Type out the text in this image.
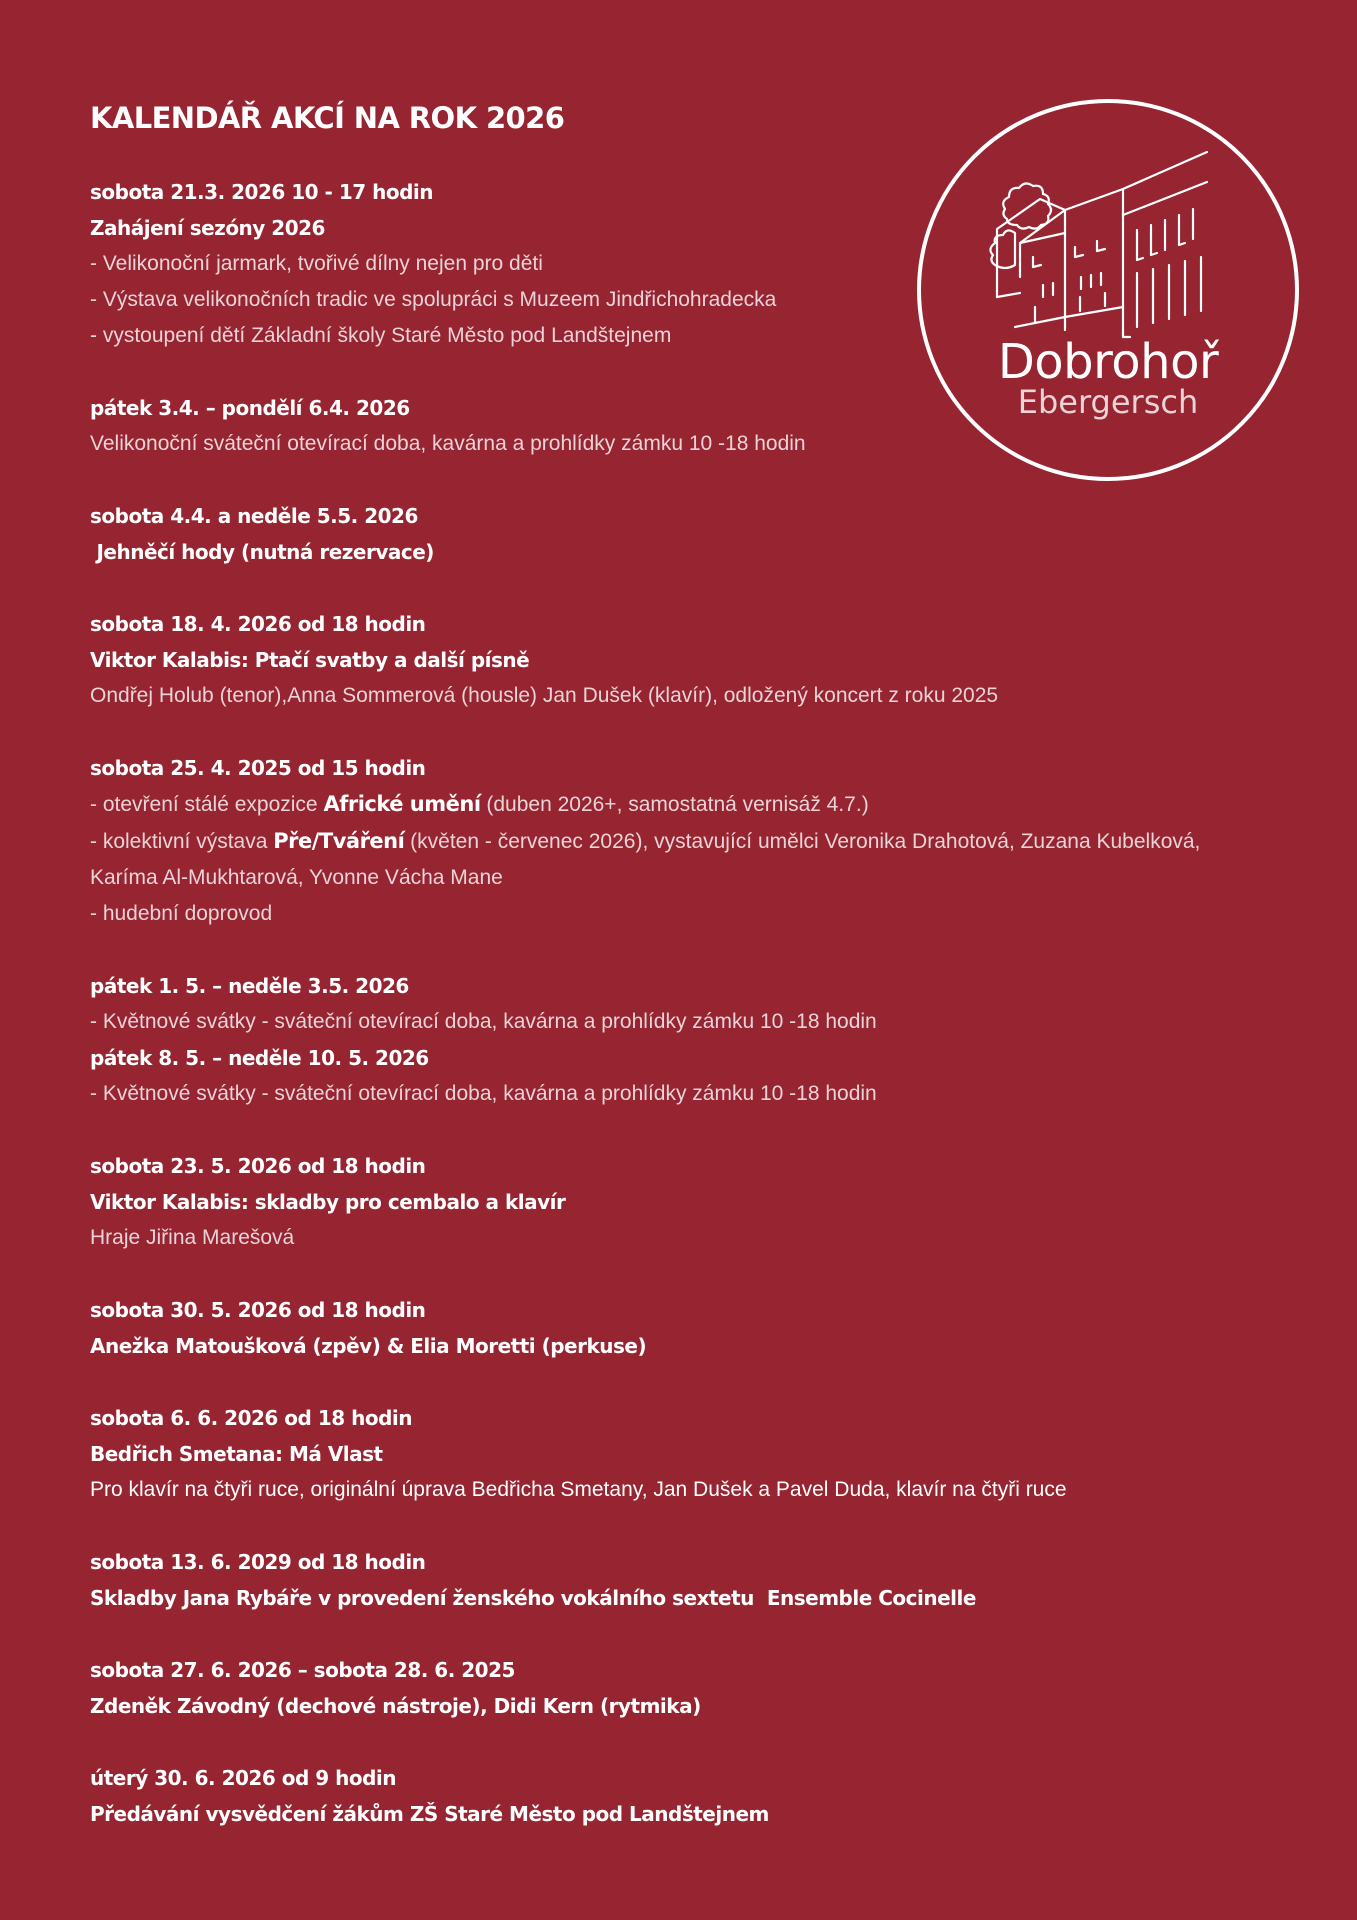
KALENDÁŘ AKCÍ NA ROK 2026
sobota 21.3. 2026 10 - 17 hodin
Zahájení sezóny 2026
- Velikonoční jarmark, tvořivé dílny nejen pro děti
- Výstava velikonočních tradic ve spolupráci s Muzeem Jindřichohradecka
- vystoupení dětí Základní školy Staré Město pod Landštejnem
pátek 3.4. – pondělí 6.4. 2026
Velikonoční sváteční otevírací doba, kavárna a prohlídky zámku 10 -18 hodin
sobota 4.4. a neděle 5.5. 2026
Jehněčí hody (nutná rezervace)
sobota 18. 4. 2026 od 18 hodin
Viktor Kalabis: Ptačí svatby a další písně
Ondřej Holub (tenor),Anna Sommerová (housle) Jan Dušek (klavír), odložený koncert z roku 2025
sobota 25. 4. 2025 od 15 hodin
- otevření stálé expozice Africké umění (duben 2026+, samostatná vernisáž 4.7.)
- kolektivní výstava Pře/Tváření (květen - červenec 2026), vystavující umělci Veronika Drahotová, Zuzana Kubelková, Karíma Al-Mukhtarová, Yvonne Vácha Mane
- hudební doprovod
pátek 1. 5. – neděle 3.5. 2026
- Květnové svátky - sváteční otevírací doba, kavárna a prohlídky zámku 10 -18 hodin
pátek 8. 5. – neděle 10. 5. 2026
- Květnové svátky - sváteční otevírací doba, kavárna a prohlídky zámku 10 -18 hodin
sobota 23. 5. 2026 od 18 hodin
Viktor Kalabis: skladby pro cembalo a klavír
Hraje Jiřina Marešová
sobota 30. 5. 2026 od 18 hodin
Anežka Matoušková (zpěv) & Elia Moretti (perkuse)
sobota 6. 6. 2026 od 18 hodin
Bedřich Smetana: Má Vlast
Pro klavír na čtyři ruce, originální úprava Bedřicha Smetany, Jan Dušek a Pavel Duda, klavír na čtyři ruce
sobota 13. 6. 2029 od 18 hodin
Skladby Jana Rybáře v provedení ženského vokálního sextetu  Ensemble Cocinelle
sobota 27. 6. 2026 – sobota 28. 6. 2025
Zdeněk Závodný (dechové nástroje), Didi Kern (rytmika)
úterý 30. 6. 2026 od 9 hodin
Předávání vysvědčení žákům ZŠ Staré Město pod Landštejnem
Dobrohoř
Ebergersch
